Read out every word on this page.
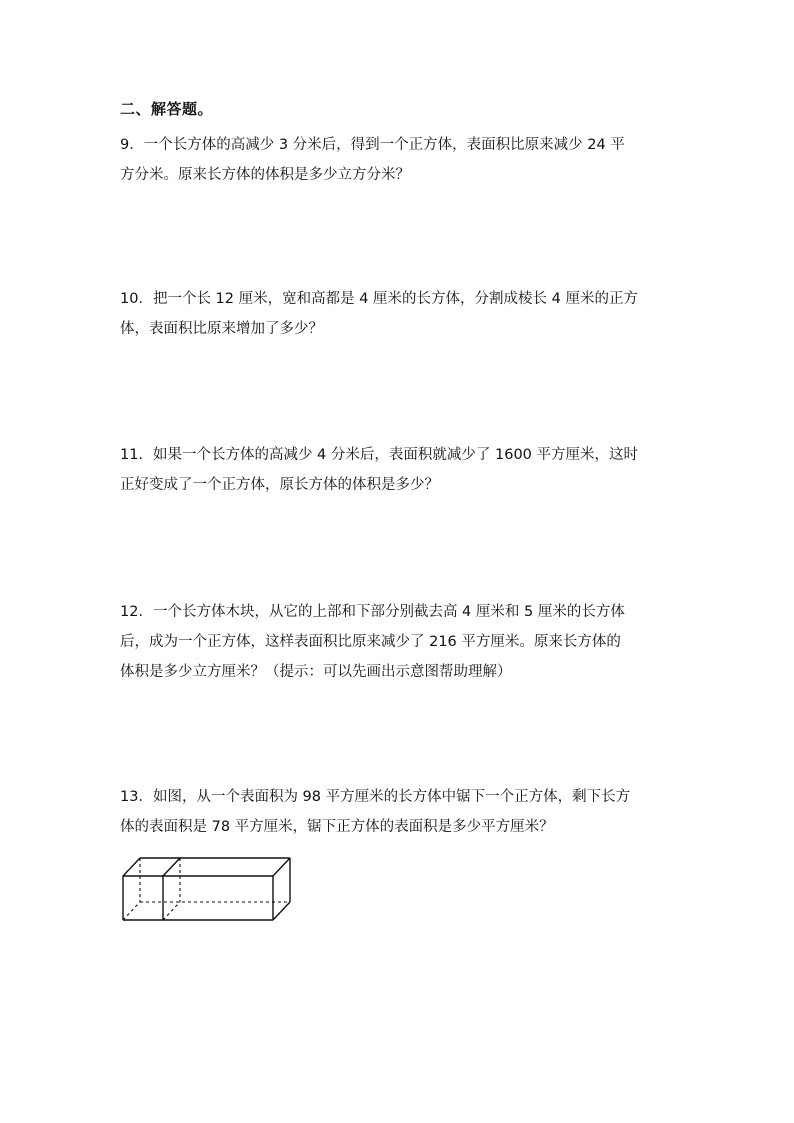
二、解答题。
9．一个长方体的高减少 3 分米后，得到一个正方体，表面积比原来减少 24 平
方分米。原来长方体的体积是多少立方分米？
10．把一个长 12 厘米，宽和高都是 4 厘米的长方体，分割成棱长 4 厘米的正方
体，表面积比原来增加了多少？
11．如果一个长方体的高减少 4 分米后，表面积就减少了 1600 平方厘米，这时
正好变成了一个正方体，原长方体的体积是多少？
12．一个长方体木块，从它的上部和下部分别截去高 4 厘米和 5 厘米的长方体
后，成为一个正方体，这样表面积比原来减少了 216 平方厘米。原来长方体的
体积是多少立方厘米？（提示：可以先画出示意图帮助理解）
13．如图，从一个表面积为 98 平方厘米的长方体中锯下一个正方体，剩下长方
体的表面积是 78 平方厘米，锯下正方体的表面积是多少平方厘米？
